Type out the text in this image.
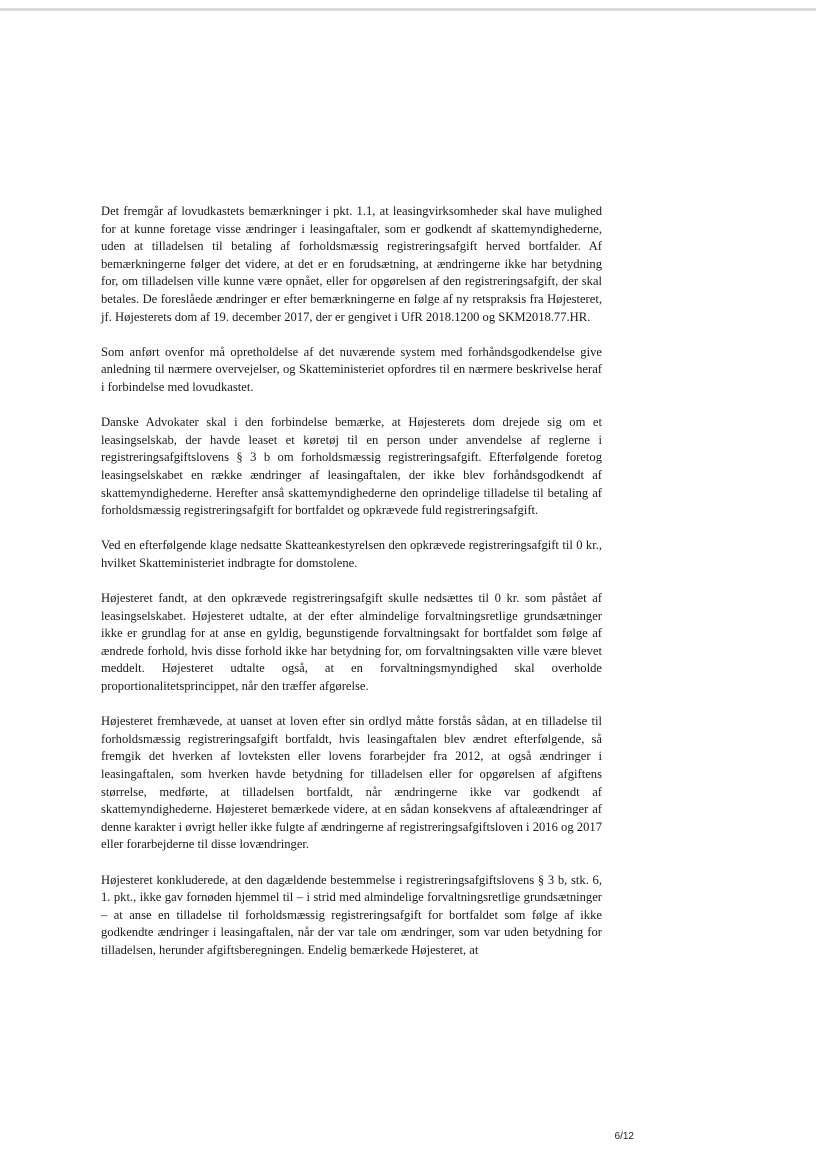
Det fremgår af lovudkastets bemærkninger i pkt. 1.1, at leasingvirksomheder skal have mulighed for at kunne foretage visse ændringer i leasingaftaler, som er godkendt af skattemyndighederne, uden at tilladelsen til betaling af forholdsmæssig registreringsafgift herved bortfalder. Af bemærkningerne følger det videre, at det er en forudsætning, at ændringerne ikke har betydning for, om tilladelsen ville kunne være opnået, eller for opgørelsen af den registreringsafgift, der skal betales. De foreslåede ændringer er efter bemærkningerne en følge af ny retspraksis fra Højesteret, jf. Højesterets dom af 19. december 2017, der er gengivet i UfR 2018.1200 og SKM2018.77.HR.

Som anført ovenfor må opretholdelse af det nuværende system med forhåndsgodkendelse give anledning til nærmere overvejelser, og Skatteministeriet opfordres til en nærmere beskrivelse heraf i forbindelse med lovudkastet.

Danske Advokater skal i den forbindelse bemærke, at Højesterets dom drejede sig om et leasingselskab, der havde leaset et køretøj til en person under anvendelse af reglerne i registreringsafgiftslovens § 3 b om forholdsmæssig registreringsafgift. Efterfølgende foretog leasingselskabet en række ændringer af leasingaftalen, der ikke blev forhåndsgodkendt af skattemyndighederne. Herefter anså skattemyndighederne den oprindelige tilladelse til betaling af forholdsmæssig registreringsafgift for bortfaldet og opkrævede fuld registreringsafgift.

Ved en efterfølgende klage nedsatte Skatteankestyrelsen den opkrævede registreringsafgift til 0 kr., hvilket Skatteministeriet indbragte for domstolene.

Højesteret fandt, at den opkrævede registreringsafgift skulle nedsættes til 0 kr. som påstået af leasingselskabet. Højesteret udtalte, at der efter almindelige forvaltningsretlige grundsætninger ikke er grundlag for at anse en gyldig, begunstigende forvaltningsakt for bortfaldet som følge af ændrede forhold, hvis disse forhold ikke har betydning for, om forvaltningsakten ville være blevet meddelt. Højesteret udtalte også, at en forvaltningsmyndighed skal overholde proportionalitetsprincippet, når den træffer afgørelse.

Højesteret fremhævede, at uanset at loven efter sin ordlyd måtte forstås sådan, at en tilladelse til forholdsmæssig registreringsafgift bortfaldt, hvis leasingaftalen blev ændret efterfølgende, så fremgik det hverken af lovteksten eller lovens forarbejder fra 2012, at også ændringer i leasingaftalen, som hverken havde betydning for tilladelsen eller for opgørelsen af afgiftens størrelse, medførte, at tilladelsen bortfaldt, når ændringerne ikke var godkendt af skattemyndighederne. Højesteret bemærkede videre, at en sådan konsekvens af aftaleændringer af denne karakter i øvrigt heller ikke fulgte af ændringerne af registreringsafgiftsloven i 2016 og 2017 eller forarbejderne til disse lovændringer.

Højesteret konkluderede, at den dagældende bestemmelse i registreringsafgiftslovens § 3 b, stk. 6, 1. pkt., ikke gav fornøden hjemmel til – i strid med almindelige forvaltningsretlige grundsætninger – at anse en tilladelse til forholdsmæssig registreringsafgift for bortfaldet som følge af ikke godkendte ændringer i leasingaftalen, når der var tale om ændringer, som var uden betydning for tilladelsen, herunder afgiftsberegningen. Endelig bemærkede Højesteret, at

6/12
